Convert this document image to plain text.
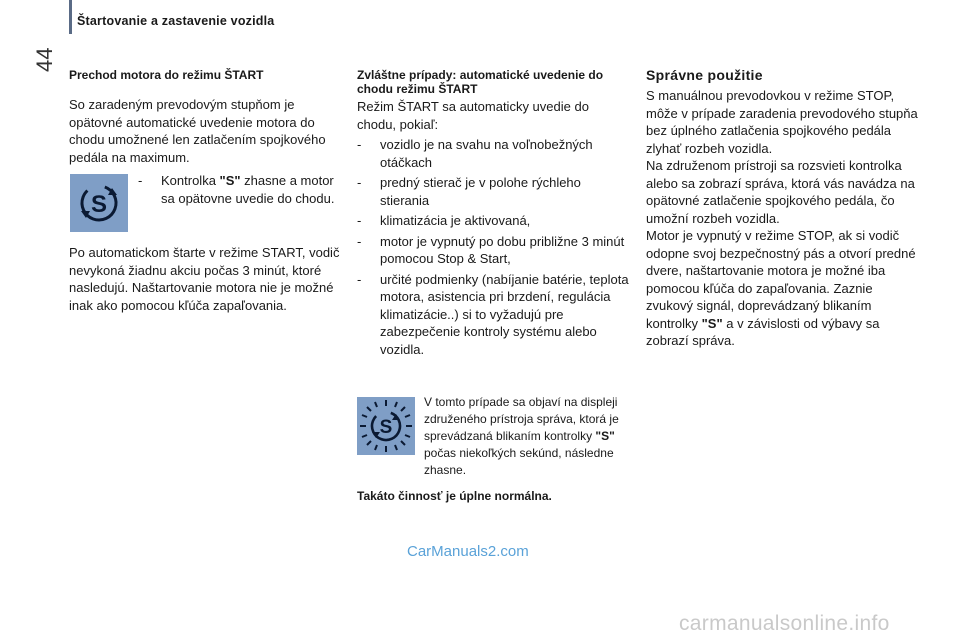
Štartovanie a zastavenie vozidla
44
Prechod motora do režimu ŠTART
So zaradeným prevodovým stupňom je opätovné automatické uvedenie motora do chodu umožnené len zatlačením spojkového pedála na maximum.
S
- Kontrolka "S" zhasne a motor sa opätovne uvedie do chodu.
Po automatickom štarte v režime START, vodič nevykoná žiadnu akciu počas 3 minút, ktoré nasledujú. Naštartovanie motora nie je možné inak ako pomocou kľúča zapaľovania.
Zvláštne prípady: automatické uvedenie do chodu režimu ŠTART
Režim ŠTART sa automaticky uvedie do chodu, pokiaľ:
- vozidlo je na svahu na voľnobežných otáčkach
- predný stierač je v polohe rýchleho stierania
- klimatizácia je aktivovaná,
- motor je vypnutý po dobu približne 3 minút pomocou Stop & Start,
- určité podmienky (nabíjanie batérie, teplota motora, asistencia pri brzdení, regulácia klimatizácie..) si to vyžadujú pre zabezpečenie kontroly systému alebo vozidla.
S
V tomto prípade sa objaví na displeji združeného prístroja správa, ktorá je sprevádzaná blikaním kontrolky "S" počas niekoľkých sekúnd, následne zhasne.
Takáto činnosť je úplne normálna.
Správne použitie
S manuálnou prevodovkou v režime STOP, môže v prípade zaradenia prevodového stupňa bez úplného zatlačenia spojkového pedála zlyhať rozbeh vozidla.
Na združenom prístroji sa rozsvieti kontrolka alebo sa zobrazí správa, ktorá vás navádza na opätovné zatlačenie spojkového pedála, čo umožní rozbeh vozidla.
Motor je vypnutý v režime STOP, ak si vodič odopne svoj bezpečnostný pás a otvorí predné dvere, naštartovanie motora je možné iba pomocou kľúča do zapaľovania. Zaznie zvukový signál, doprevádzaný blikaním kontrolky "S" a v závislosti od výbavy sa zobrazí správa.
CarManuals2.com
carmanualsonline.info
